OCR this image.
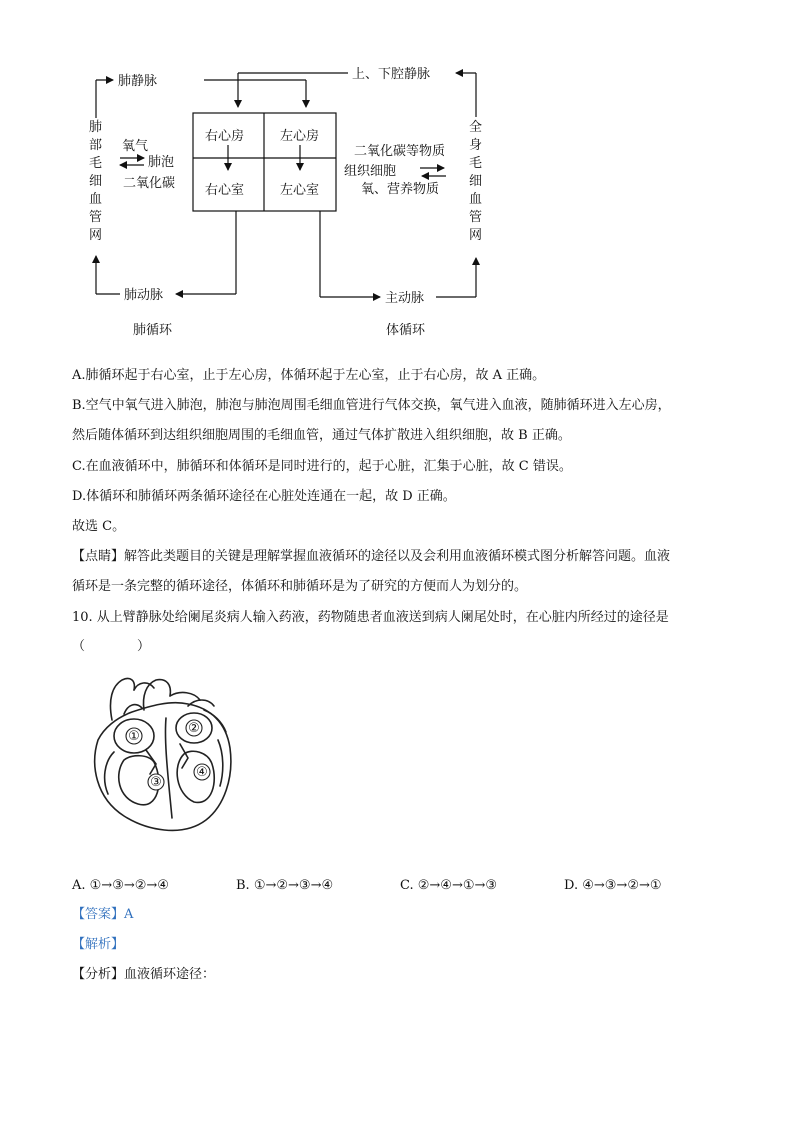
肺静脉	上、下腔静脉
右心房	左心房
右心室	左心室
肺
部
毛
细
血
管
网
全
身
毛
细
血
管
网
氧气
肺泡
二氧化碳
二氧化碳等物质
组织细胞
氧、营养物质
肺动脉	主动脉
肺循环	体循环
A.肺循环起于右心室，止于左心房，体循环起于左心室，止于右心房，故 A 正确。
B.空气中氧气进入肺泡，肺泡与肺泡周围毛细血管进行气体交换，氧气进入血液，随肺循环进入左心房，
然后随体循环到达组织细胞周围的毛细血管，通过气体扩散进入组织细胞，故 B 正确。
C.在血液循环中，肺循环和体循环是同时进行的，起于心脏，汇集于心脏，故 C 错误。
D.体循环和肺循环两条循环途径在心脏处连通在一起，故 D 正确。
故选 C。
【点睛】解答此类题目的关键是理解掌握血液循环的途径以及会利用血液循环模式图分析解答问题。血液
循环是一条完整的循环途径，体循环和肺循环是为了研究的方便而人为划分的。
10. 从上臂静脉处给阑尾炎病人输入药液，药物随患者血液送到病人阑尾处时，在心脏内所经过的途径是
（　　　　）
①
②
③
④
A. ①→③→②→④	B. ①→②→③→④	C. ②→④→①→③	D. ④→③→②→①
【答案】A
【解析】
【分析】血液循环途径：
